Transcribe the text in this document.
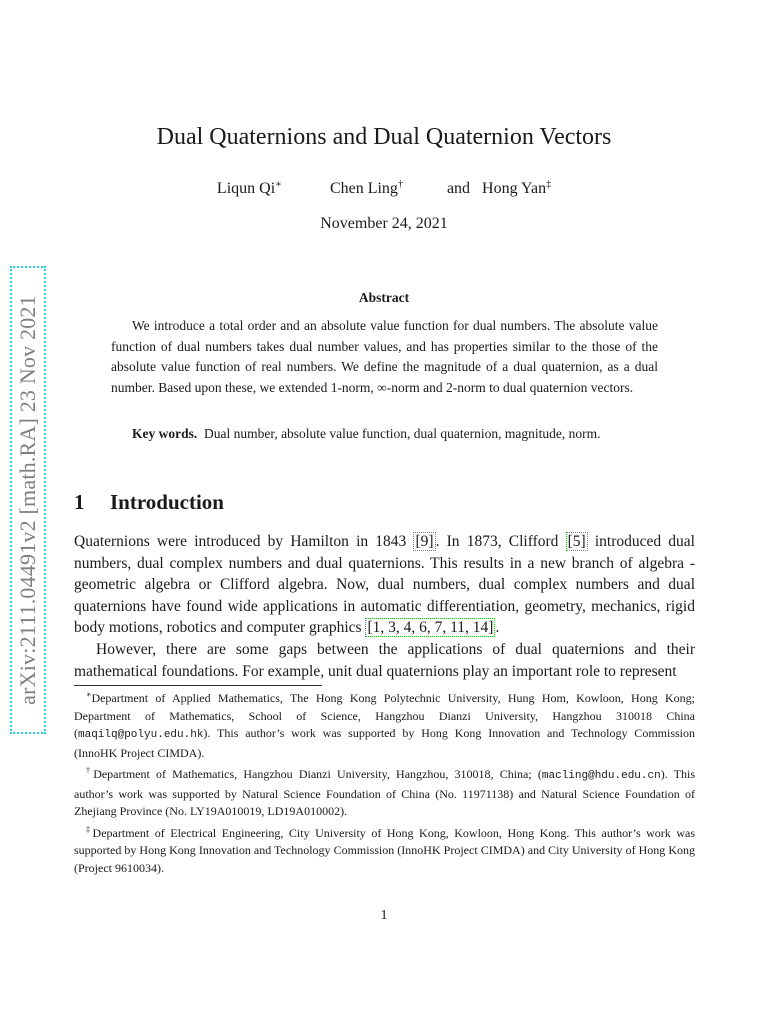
arXiv:2111.04491v2 [math.RA] 23 Nov 2021
Dual Quaternions and Dual Quaternion Vectors
Liqun Qi∗	Chen Ling†	and Hong Yan‡
November 24, 2021
Abstract
We introduce a total order and an absolute value function for dual numbers. The absolute value function of dual numbers takes dual number values, and has properties similar to the those of the absolute value function of real numbers. We define the magnitude of a dual quaternion, as a dual number. Based upon these, we extended 1-norm, ∞-norm and 2-norm to dual quaternion vectors.
Key words. Dual number, absolute value function, dual quaternion, magnitude, norm.
1 Introduction

Quaternions were introduced by Hamilton in 1843 [9] . In 1873, Clifford [5] introduced dual numbers, dual complex numbers and dual quaternions. This results in a new branch of algebra - geometric algebra or Clifford algebra. Now, dual numbers, dual complex numbers and dual quaternions have found wide applications in automatic differentiation, geometry, mechanics, rigid body motions, robotics and computer graphics [1, 3, 4, 6, 7, 11, 14] .

However, there are some gaps between the applications of dual quaternions and their mathematical foundations. For example, unit dual quaternions play an important role to represent

∗Department of Applied Mathematics, The Hong Kong Polytechnic University, Hung Hom, Kowloon, Hong Kong; Department of Mathematics, School of Science, Hangzhou Dianzi University, Hangzhou 310018 China (maqilq@polyu.edu.hk). This author’s work was supported by Hong Kong Innovation and Technology Commission (InnoHK Project CIMDA).

†Department of Mathematics, Hangzhou Dianzi University, Hangzhou, 310018, China; (macling@hdu.edu.cn). This author’s work was supported by Natural Science Foundation of China (No. 11971138) and Natural Science Foundation of Zhejiang Province (No. LY19A010019, LD19A010002).

‡Department of Electrical Engineering, City University of Hong Kong, Kowloon, Hong Kong. This author’s work was supported by Hong Kong Innovation and Technology Commission (InnoHK Project CIMDA) and City University of Hong Kong (Project 9610034).

1
